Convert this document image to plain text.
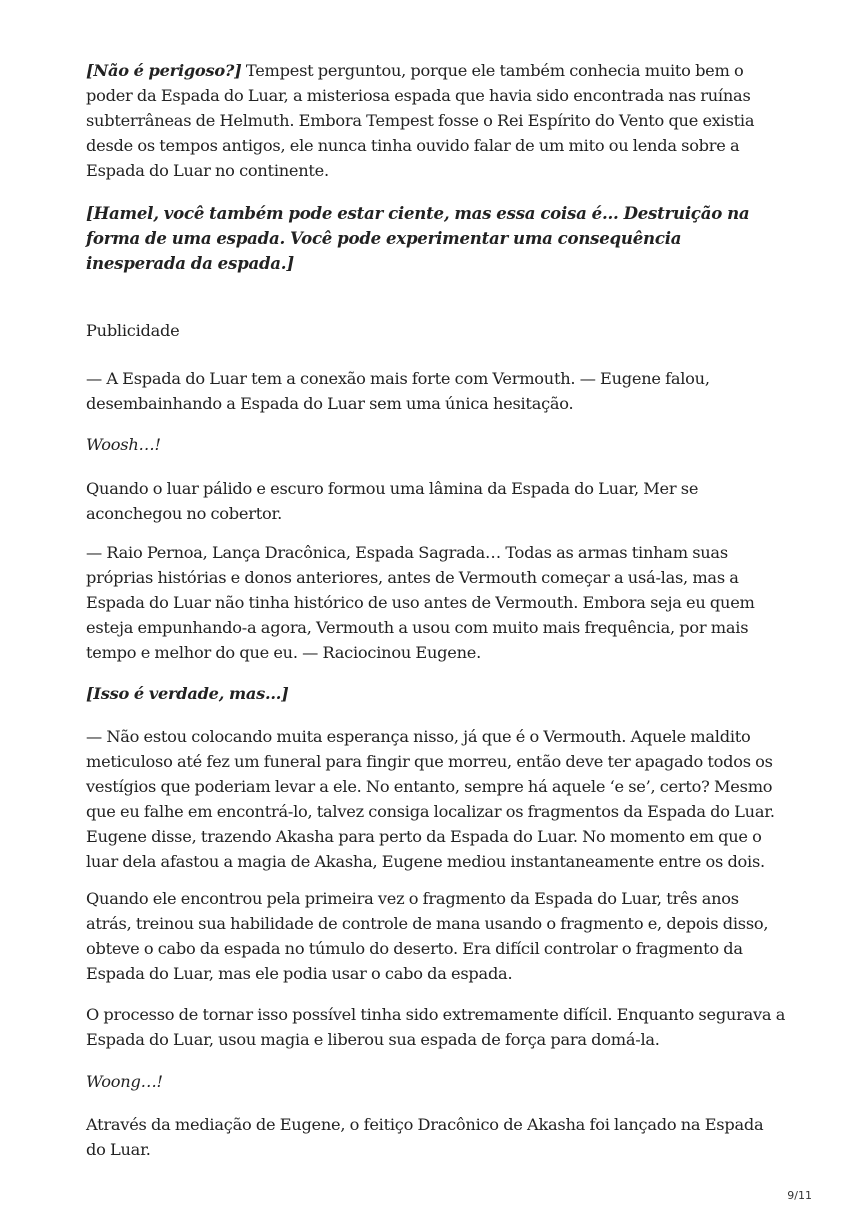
[Não é perigoso?] Tempest perguntou, porque ele também conhecia muito bem o poder da Espada do Luar, a misteriosa espada que havia sido encontrada nas ruínas subterrâneas de Helmuth. Embora Tempest fosse o Rei Espírito do Vento que existia desde os tempos antigos, ele nunca tinha ouvido falar de um mito ou lenda sobre a Espada do Luar no continente.

[Hamel, você também pode estar ciente, mas essa coisa é... Destruição na forma de uma espada. Você pode experimentar uma consequência inesperada da espada.]

Publicidade

— A Espada do Luar tem a conexão mais forte com Vermouth. — Eugene falou, desembainhando a Espada do Luar sem uma única hesitação.

Woosh…!

Quando o luar pálido e escuro formou uma lâmina da Espada do Luar, Mer se aconchegou no cobertor.

— Raio Pernoa, Lança Dracônica, Espada Sagrada… Todas as armas tinham suas próprias histórias e donos anteriores, antes de Vermouth começar a usá-las, mas a Espada do Luar não tinha histórico de uso antes de Vermouth. Embora seja eu quem esteja empunhando-a agora, Vermouth a usou com muito mais frequência, por mais tempo e melhor do que eu. — Raciocinou Eugene.

[Isso é verdade, mas...]

— Não estou colocando muita esperança nisso, já que é o Vermouth. Aquele maldito meticuloso até fez um funeral para fingir que morreu, então deve ter apagado todos os vestígios que poderiam levar a ele. No entanto, sempre há aquele ‘e se’, certo? Mesmo que eu falhe em encontrá-lo, talvez consiga localizar os fragmentos da Espada do Luar. Eugene disse, trazendo Akasha para perto da Espada do Luar. No momento em que o luar dela afastou a magia de Akasha, Eugene mediou instantaneamente entre os dois.

Quando ele encontrou pela primeira vez o fragmento da Espada do Luar, três anos atrás, treinou sua habilidade de controle de mana usando o fragmento e, depois disso, obteve o cabo da espada no túmulo do deserto. Era difícil controlar o fragmento da Espada do Luar, mas ele podia usar o cabo da espada.

O processo de tornar isso possível tinha sido extremamente difícil. Enquanto segurava a Espada do Luar, usou magia e liberou sua espada de força para domá-la.

Woong…!

Através da mediação de Eugene, o feitiço Dracônico de Akasha foi lançado na Espada do Luar.

9/11
